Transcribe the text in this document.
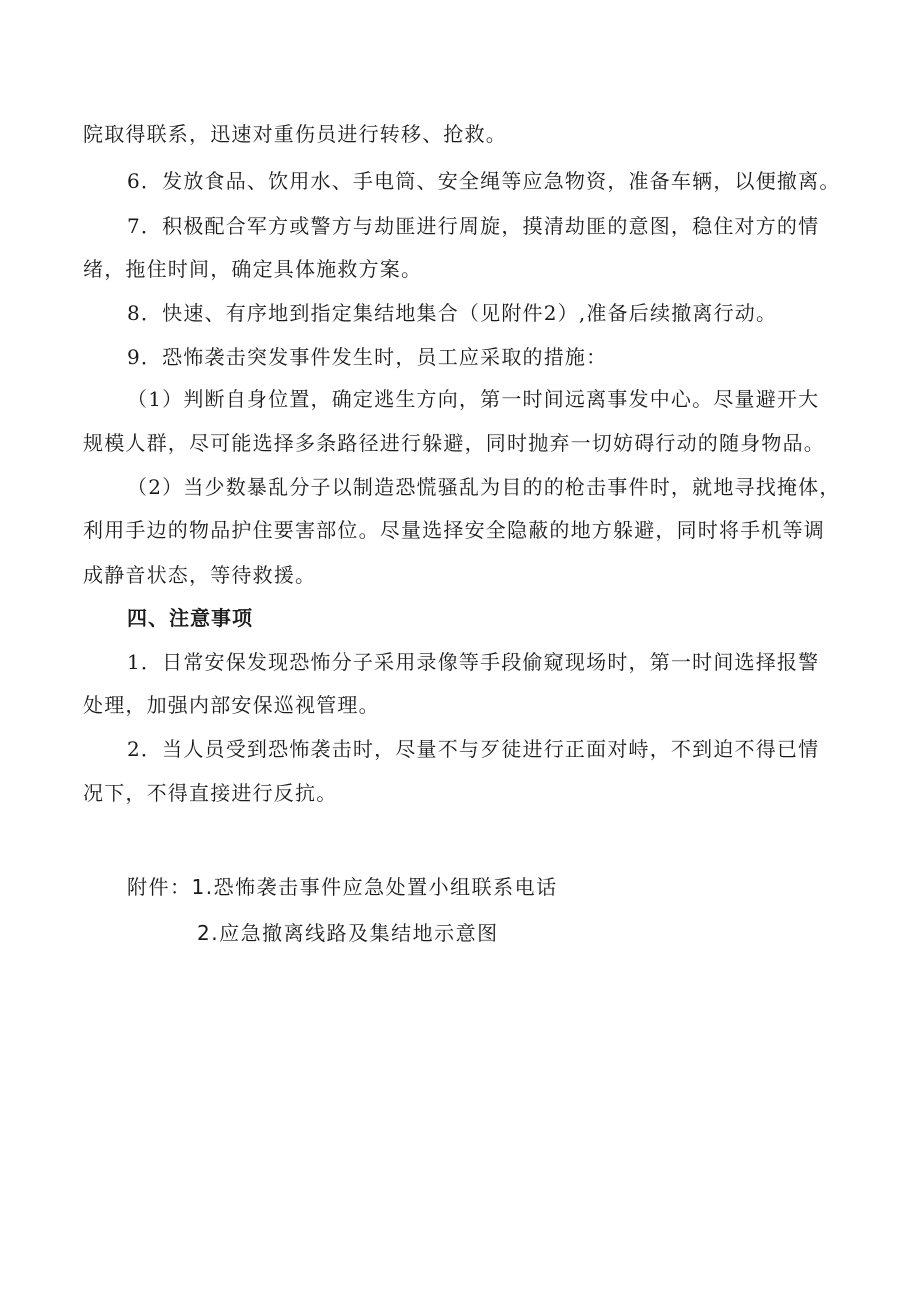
院取得联系，迅速对重伤员进行转移、抢救。
6．发放食品、饮用水、手电筒、安全绳等应急物资，准备车辆，以便撤离。
7．积极配合军方或警方与劫匪进行周旋，摸清劫匪的意图，稳住对方的情
绪，拖住时间，确定具体施救方案。
8．快速、有序地到指定集结地集合（见附件2）,准备后续撤离行动。
9．恐怖袭击突发事件发生时，员工应采取的措施：
（1）判断自身位置，确定逃生方向，第一时间远离事发中心。尽量避开大
规模人群，尽可能选择多条路径进行躲避，同时抛弃一切妨碍行动的随身物品。
（2）当少数暴乱分子以制造恐慌骚乱为目的的枪击事件时，就地寻找掩体，
利用手边的物品护住要害部位。尽量选择安全隐蔽的地方躲避，同时将手机等调
成静音状态，等待救援。
四、注意事项
1．日常安保发现恐怖分子采用录像等手段偷窥现场时，第一时间选择报警
处理，加强内部安保巡视管理。
2．当人员受到恐怖袭击时，尽量不与歹徒进行正面对峙，不到迫不得已情
况下，不得直接进行反抗。
附件：1.恐怖袭击事件应急处置小组联系电话
2.应急撤离线路及集结地示意图
